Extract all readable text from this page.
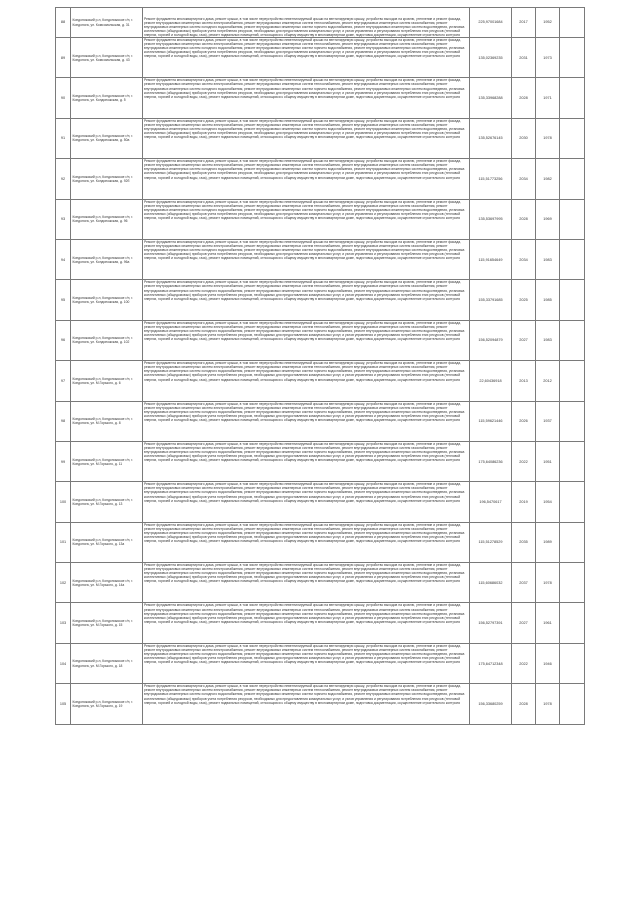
88	Кондопожский р-н, Кондопожское г/п, г. Кондопога, ул. Комсомольская, д. 31	Ремонт фундамента многоквартирного дома, ремонт крыши, в том числе переустройство невентилируемой крыши на вентилируемую крышу, устройство выходов на кровлю, утепление и ремонт фасада, ремонт внутридомовых инженерных систем электроснабжения, ремонт внутридомовых инженерных систем теплоснабжения, ремонт внутридомовых инженерных систем газоснабжения, ремонт внутридомовых инженерных систем холодного водоснабжения, ремонт внутридомовых инженерных систем горячего водоснабжения, ремонт внутридомовых инженерных систем водоотведения, установка коллективных (общедомовых) приборов учета потребления ресурсов, необходимых для предоставления коммунальных услуг, и узлов управления и регулирования потребления этих ресурсов (тепловой энергии, горячей и холодной воды, газа), ремонт подвальных помещений, относящихся к общему имуществу в многоквартирном доме, подготовка документации, осуществление строительного контроля	225,97001684	2017	1952	
89	Кондопожский р-н, Кондопожское г/п, г. Кондопога, ул. Комсомольская, д. 43	Ремонт фундамента многоквартирного дома, ремонт крыши, в том числе переустройство невентилируемой крыши на вентилируемую крышу, устройство выходов на кровлю, утепление и ремонт фасада, ремонт внутридомовых инженерных систем электроснабжения, ремонт внутридомовых инженерных систем теплоснабжения, ремонт внутридомовых инженерных систем газоснабжения, ремонт внутридомовых инженерных систем холодного водоснабжения, ремонт внутридомовых инженерных систем горячего водоснабжения, ремонт внутридомовых инженерных систем водоотведения, установка коллективных (общедомовых) приборов учета потребления ресурсов, необходимых для предоставления коммунальных услуг, и узлов управления и регулирования потребления этих ресурсов (тепловой энергии, горячей и холодной воды, газа), ремонт подвальных помещений, относящихся к общему имуществу в многоквартирном доме, подготовка документации, осуществление строительного контроля	135,02369235	2031	1973	
90	Кондопожский р-н, Кондопожское г/п, г. Кондопога, ул. Кондопожская, д. 5	Ремонт фундамента многоквартирного дома, ремонт крыши, в том числе переустройство невентилируемой крыши на вентилируемую крышу, устройство выходов на кровлю, утепление и ремонт фасада, ремонт внутридомовых инженерных систем электроснабжения, ремонт внутридомовых инженерных систем теплоснабжения, ремонт внутридомовых инженерных систем газоснабжения, ремонт внутридомовых инженерных систем холодного водоснабжения, ремонт внутридомовых инженерных систем горячего водоснабжения, ремонт внутридомовых инженерных систем водоотведения, установка коллективных (общедомовых) приборов учета потребления ресурсов, необходимых для предоставления коммунальных услуг, и узлов управления и регулирования потребления этих ресурсов (тепловой энергии, горячей и холодной воды, газа), ремонт подвальных помещений, относящихся к общему имуществу в многоквартирном доме, подготовка документации, осуществление строительного контроля	135,33968288	2028	1971	
91	Кондопожский р-н, Кондопожское г/п, г. Кондопога, ул. Кондопожская, д. 50а	Ремонт фундамента многоквартирного дома, ремонт крыши, в том числе переустройство невентилируемой крыши на вентилируемую крышу, устройство выходов на кровлю, утепление и ремонт фасада, ремонт внутридомовых инженерных систем электроснабжения, ремонт внутридомовых инженерных систем теплоснабжения, ремонт внутридомовых инженерных систем газоснабжения, ремонт внутридомовых инженерных систем холодного водоснабжения, ремонт внутридомовых инженерных систем горячего водоснабжения, ремонт внутридомовых инженерных систем водоотведения, установка коллективных (общедомовых) приборов учета потребления ресурсов, необходимых для предоставления коммунальных услуг, и узлов управления и регулирования потребления этих ресурсов (тепловой энергии, горячей и холодной воды, газа), ремонт подвальных помещений, относящихся к общему имуществу в многоквартирном доме, подготовка документации, осуществление строительного контроля	135,52676145	2030	1978	
92	Кондопожский р-н, Кондопожское г/п, г. Кондопога, ул. Кондопожская, д. 92б	Ремонт фундамента многоквартирного дома, ремонт крыши, в том числе переустройство невентилируемой крыши на вентилируемую крышу, устройство выходов на кровлю, утепление и ремонт фасада, ремонт внутридомовых инженерных систем электроснабжения, ремонт внутридомовых инженерных систем теплоснабжения, ремонт внутридомовых инженерных систем газоснабжения, ремонт внутридомовых инженерных систем холодного водоснабжения, ремонт внутридомовых инженерных систем горячего водоснабжения, ремонт внутридомовых инженерных систем водоотведения, установка коллективных (общедомовых) приборов учета потребления ресурсов, необходимых для предоставления коммунальных услуг, и узлов управления и регулирования потребления этих ресурсов (тепловой энергии, горячей и холодной воды, газа), ремонт подвальных помещений, относящихся к общему имуществу в многоквартирном доме, подготовка документации, осуществление строительного контроля	115,51773256	2034	1982	
93	Кондопожский р-н, Кондопожское г/п, г. Кондопога, ул. Кондопожская, д. 96	Ремонт фундамента многоквартирного дома, ремонт крыши, в том числе переустройство невентилируемой крыши на вентилируемую крышу, устройство выходов на кровлю, утепление и ремонт фасада, ремонт внутридомовых инженерных систем электроснабжения, ремонт внутридомовых инженерных систем теплоснабжения, ремонт внутридомовых инженерных систем газоснабжения, ремонт внутридомовых инженерных систем холодного водоснабжения, ремонт внутридомовых инженерных систем горячего водоснабжения, ремонт внутридомовых инженерных систем водоотведения, установка коллективных (общедомовых) приборов учета потребления ресурсов, необходимых для предоставления коммунальных услуг, и узлов управления и регулирования потребления этих ресурсов (тепловой энергии, горячей и холодной воды, газа), ремонт подвальных помещений, относящихся к общему имуществу в многоквартирном доме, подготовка документации, осуществление строительного контроля	135,53697995	2028	1969	
94	Кондопожский р-н, Кондопожское г/п, г. Кондопога, ул. Кондопожская, д. 96а	Ремонт фундамента многоквартирного дома, ремонт крыши, в том числе переустройство невентилируемой крыши на вентилируемую крышу, устройство выходов на кровлю, утепление и ремонт фасада, ремонт внутридомовых инженерных систем электроснабжения, ремонт внутридомовых инженерных систем теплоснабжения, ремонт внутридомовых инженерных систем газоснабжения, ремонт внутридомовых инженерных систем холодного водоснабжения, ремонт внутридомовых инженерных систем горячего водоснабжения, ремонт внутридомовых инженерных систем водоотведения, установка коллективных (общедомовых) приборов учета потребления ресурсов, необходимых для предоставления коммунальных услуг, и узлов управления и регулирования потребления этих ресурсов (тепловой энергии, горячей и холодной воды, газа), ремонт подвальных помещений, относящихся к общему имуществу в многоквартирном доме, подготовка документации, осуществление строительного контроля	115,91654649	2034	1983	
95	Кондопожский р-н, Кондопожское г/п, г. Кондопога, ул. Кондопожская, д. 100	Ремонт фундамента многоквартирного дома, ремонт крыши, в том числе переустройство невентилируемой крыши на вентилируемую крышу, устройство выходов на кровлю, утепление и ремонт фасада, ремонт внутридомовых инженерных систем электроснабжения, ремонт внутридомовых инженерных систем теплоснабжения, ремонт внутридомовых инженерных систем газоснабжения, ремонт внутридомовых инженерных систем холодного водоснабжения, ремонт внутридомовых инженерных систем горячего водоснабжения, ремонт внутридомовых инженерных систем водоотведения, установка коллективных (общедомовых) приборов учета потребления ресурсов, необходимых для предоставления коммунальных услуг, и узлов управления и регулирования потребления этих ресурсов (тепловой энергии, горячей и холодной воды, газа), ремонт подвальных помещений, относящихся к общему имуществу в многоквартирном доме, подготовка документации, осуществление строительного контроля	155,33791685	2025	1985	
96	Кондопожский р-н, Кондопожское г/п, г. Кондопога, ул. Кондопожская, д. 102	Ремонт фундамента многоквартирного дома, ремонт крыши, в том числе переустройство невентилируемой крыши на вентилируемую крышу, устройство выходов на кровлю, утепление и ремонт фасада, ремонт внутридомовых инженерных систем электроснабжения, ремонт внутридомовых инженерных систем теплоснабжения, ремонт внутридомовых инженерных систем газоснабжения, ремонт внутридомовых инженерных систем холодного водоснабжения, ремонт внутридомовых инженерных систем горячего водоснабжения, ремонт внутридомовых инженерных систем водоотведения, установка коллективных (общедомовых) приборов учета потребления ресурсов, необходимых для предоставления коммунальных услуг, и узлов управления и регулирования потребления этих ресурсов (тепловой энергии, горячей и холодной воды, газа), ремонт подвальных помещений, относящихся к общему имуществу в многоквартирном доме, подготовка документации, осуществление строительного контроля	156,52094879	2027	1983	
97	Кондопожский р-н, Кондопожское г/п, г. Кондопога, ул. М.Горького, д. 6	Ремонт фундамента многоквартирного дома, ремонт крыши, в том числе переустройство невентилируемой крыши на вентилируемую крышу, устройство выходов на кровлю, утепление и ремонт фасада, ремонт внутридомовых инженерных систем электроснабжения, ремонт внутридомовых инженерных систем теплоснабжения, ремонт внутридомовых инженерных систем газоснабжения, ремонт внутридомовых инженерных систем холодного водоснабжения, ремонт внутридомовых инженерных систем горячего водоснабжения, ремонт внутридомовых инженерных систем водоотведения, установка коллективных (общедомовых) приборов учета потребления ресурсов, необходимых для предоставления коммунальных услуг, и узлов управления и регулирования потребления этих ресурсов (тепловой энергии, горячей и холодной воды, газа), ремонт подвальных помещений, относящихся к общему имуществу в многоквартирном доме, подготовка документации, осуществление строительного контроля	22,60436918	2013	2012	
98	Кондопожский р-н, Кондопожское г/п, г. Кондопога, ул. М.Горького, д. 8	Ремонт фундамента многоквартирного дома, ремонт крыши, в том числе переустройство невентилируемой крыши на вентилируемую крышу, устройство выходов на кровлю, утепление и ремонт фасада, ремонт внутридомовых инженерных систем электроснабжения, ремонт внутридомовых инженерных систем теплоснабжения, ремонт внутридомовых инженерных систем газоснабжения, ремонт внутридомовых инженерных систем холодного водоснабжения, ремонт внутридомовых инженерных систем горячего водоснабжения, ремонт внутридомовых инженерных систем водоотведения, установка коллективных (общедомовых) приборов учета потребления ресурсов, необходимых для предоставления коммунальных услуг, и узлов управления и регулирования потребления этих ресурсов (тепловой энергии, горячей и холодной воды, газа), ремонт подвальных помещений, относящихся к общему имуществу в многоквартирном доме, подготовка документации, осуществление строительного контроля	115,59621446	2026	1937	
99	Кондопожский р-н, Кондопожское г/п, г. Кондопога, ул. М.Горького, д. 11	Ремонт фундамента многоквартирного дома, ремонт крыши, в том числе переустройство невентилируемой крыши на вентилируемую крышу, устройство выходов на кровлю, утепление и ремонт фасада, ремонт внутридомовых инженерных систем электроснабжения, ремонт внутридомовых инженерных систем теплоснабжения, ремонт внутридомовых инженерных систем газоснабжения, ремонт внутридомовых инженерных систем холодного водоснабжения, ремонт внутридомовых инженерных систем горячего водоснабжения, ремонт внутридомовых инженерных систем водоотведения, установка коллективных (общедомовых) приборов учета потребления ресурсов, необходимых для предоставления коммунальных услуг, и узлов управления и регулирования потребления этих ресурсов (тепловой энергии, горячей и холодной воды, газа), ремонт подвальных помещений, относящихся к общему имуществу в многоквартирном доме, подготовка документации, осуществление строительного контроля	175,64086236	2022	1951	
100	Кондопожский р-н, Кондопожское г/п, г. Кондопога, ул. М.Горького, д. 13	Ремонт фундамента многоквартирного дома, ремонт крыши, в том числе переустройство невентилируемой крыши на вентилируемую крышу, устройство выходов на кровлю, утепление и ремонт фасада, ремонт внутридомовых инженерных систем электроснабжения, ремонт внутридомовых инженерных систем теплоснабжения, ремонт внутридомовых инженерных систем газоснабжения, ремонт внутридомовых инженерных систем холодного водоснабжения, ремонт внутридомовых инженерных систем горячего водоснабжения, ремонт внутридомовых инженерных систем водоотведения, установка коллективных (общедомовых) приборов учета потребления ресурсов, необходимых для предоставления коммунальных услуг, и узлов управления и регулирования потребления этих ресурсов (тепловой энергии, горячей и холодной воды, газа), ремонт подвальных помещений, относящихся к общему имуществу в многоквартирном доме, подготовка документации, осуществление строительного контроля	196,5470617	2019	1954	
101	Кондопожский р-н, Кондопожское г/п, г. Кондопога, ул. М.Горького, д. 13а	Ремонт фундамента многоквартирного дома, ремонт крыши, в том числе переустройство невентилируемой крыши на вентилируемую крышу, устройство выходов на кровлю, утепление и ремонт фасада, ремонт внутридомовых инженерных систем электроснабжения, ремонт внутридомовых инженерных систем теплоснабжения, ремонт внутридомовых инженерных систем газоснабжения, ремонт внутридомовых инженерных систем холодного водоснабжения, ремонт внутридомовых инженерных систем горячего водоснабжения, ремонт внутридомовых инженерных систем водоотведения, установка коллективных (общедомовых) приборов учета потребления ресурсов, необходимых для предоставления коммунальных услуг, и узлов управления и регулирования потребления этих ресурсов (тепловой энергии, горячей и холодной воды, газа), ремонт подвальных помещений, относящихся к общему имуществу в многоквартирном доме, подготовка документации, осуществление строительного контроля	115,51278529	2035	1989	
102	Кондопожский р-н, Кондопожское г/п, г. Кондопога, ул. М.Горького, д. 14а	Ремонт фундамента многоквартирного дома, ремонт крыши, в том числе переустройство невентилируемой крыши на вентилируемую крышу, устройство выходов на кровлю, утепление и ремонт фасада, ремонт внутридомовых инженерных систем электроснабжения, ремонт внутридомовых инженерных систем теплоснабжения, ремонт внутридомовых инженерных систем газоснабжения, ремонт внутридомовых инженерных систем холодного водоснабжения, ремонт внутридомовых инженерных систем горячего водоснабжения, ремонт внутридомовых инженерных систем водоотведения, установка коллективных (общедомовых) приборов учета потребления ресурсов, необходимых для предоставления коммунальных услуг, и узлов управления и регулирования потребления этих ресурсов (тепловой энергии, горячей и холодной воды, газа), ремонт подвальных помещений, относящихся к общему имуществу в многоквартирном доме, подготовка документации, осуществление строительного контроля	115,60686032	2037	1978	
103	Кондопожский р-н, Кондопожское г/п, г. Кондопога, ул. М.Горького, д. 15	Ремонт фундамента многоквартирного дома, ремонт крыши, в том числе переустройство невентилируемой крыши на вентилируемую крышу, устройство выходов на кровлю, утепление и ремонт фасада, ремонт внутридомовых инженерных систем электроснабжения, ремонт внутридомовых инженерных систем теплоснабжения, ремонт внутридомовых инженерных систем газоснабжения, ремонт внутридомовых инженерных систем холодного водоснабжения, ремонт внутридомовых инженерных систем горячего водоснабжения, ремонт внутридомовых инженерных систем водоотведения, установка коллективных (общедомовых) приборов учета потребления ресурсов, необходимых для предоставления коммунальных услуг, и узлов управления и регулирования потребления этих ресурсов (тепловой энергии, горячей и холодной воды, газа), ремонт подвальных помещений, относящихся к общему имуществу в многоквартирном доме, подготовка документации, осуществление строительного контроля	156,52797391	2027	1961	
104	Кондопожский р-н, Кондопожское г/п, г. Кондопога, ул. М.Горького, д. 18	Ремонт фундамента многоквартирного дома, ремонт крыши, в том числе переустройство невентилируемой крыши на вентилируемую крышу, устройство выходов на кровлю, утепление и ремонт фасада, ремонт внутридомовых инженерных систем электроснабжения, ремонт внутридомовых инженерных систем теплоснабжения, ремонт внутридомовых инженерных систем газоснабжения, ремонт внутридомовых инженерных систем холодного водоснабжения, ремонт внутридомовых инженерных систем горячего водоснабжения, ремонт внутридомовых инженерных систем водоотведения, установка коллективных (общедомовых) приборов учета потребления ресурсов, необходимых для предоставления коммунальных услуг, и узлов управления и регулирования потребления этих ресурсов (тепловой энергии, горячей и холодной воды, газа), ремонт подвальных помещений, относящихся к общему имуществу в многоквартирном доме, подготовка документации, осуществление строительного контроля	175,64712348	2022	1946	
105	Кондопожский р-н, Кондопожское г/п, г. Кондопога, ул. М.Горького, д. 19	Ремонт фундамента многоквартирного дома, ремонт крыши, в том числе переустройство невентилируемой крыши на вентилируемую крышу, устройство выходов на кровлю, утепление и ремонт фасада, ремонт внутридомовых инженерных систем электроснабжения, ремонт внутридомовых инженерных систем теплоснабжения, ремонт внутридомовых инженерных систем газоснабжения, ремонт внутридомовых инженерных систем холодного водоснабжения, ремонт внутридомовых инженерных систем горячего водоснабжения, ремонт внутридомовых инженерных систем водоотведения, установка коллективных (общедомовых) приборов учета потребления ресурсов, необходимых для предоставления коммунальных услуг, и узлов управления и регулирования потребления этих ресурсов (тепловой энергии, горячей и холодной воды, газа), ремонт подвальных помещений, относящихся к общему имуществу в многоквартирном доме, подготовка документации, осуществление строительного контроля	156,33680259	2028	1978	
